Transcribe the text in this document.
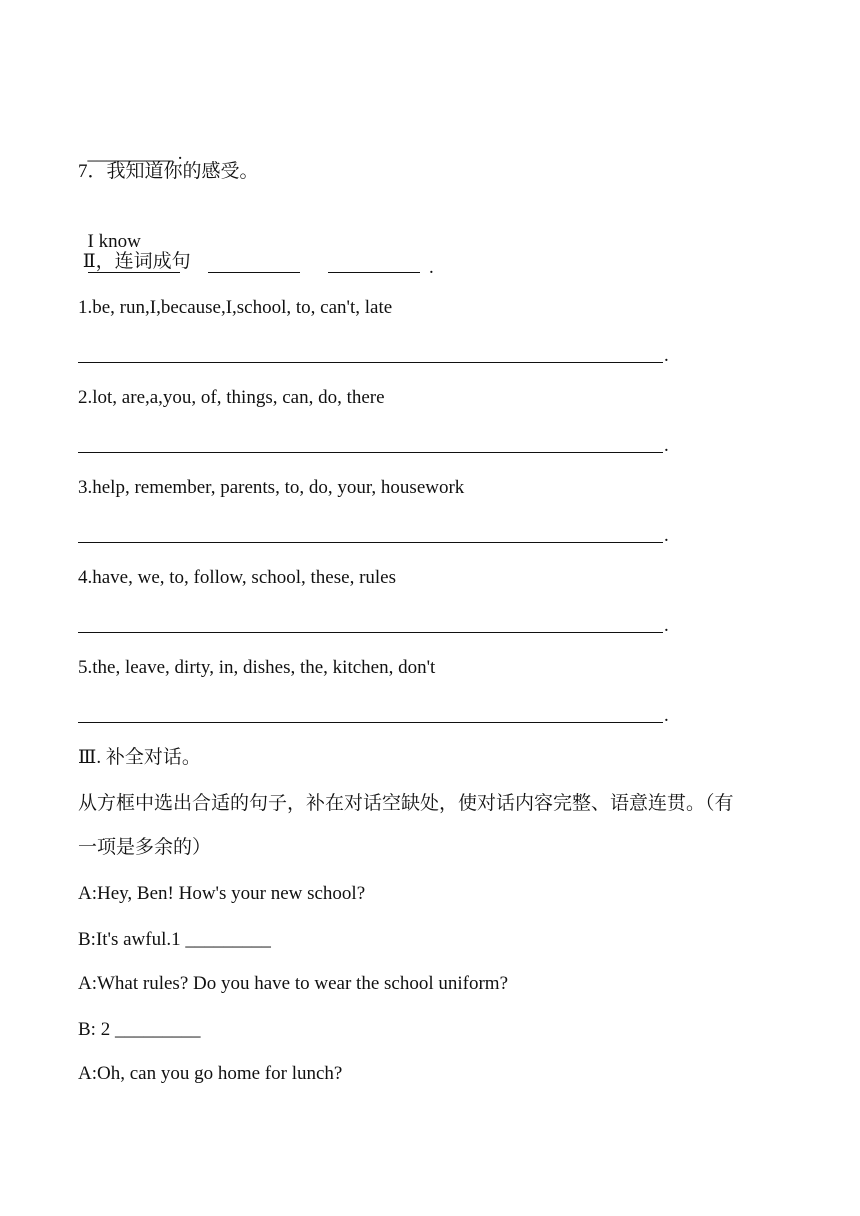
_________ .

7．我知道你的感受。

I know
.

Ⅱ，连词成句
1.be, run,I,because,I,school, to, can't, late
.
2.lot, are,a,you, of, things, can, do, there
.
3.help, remember, parents, to, do, your, housework
.
4.have, we, to, follow, school, these, rules
.
5.the, leave, dirty, in, dishes, the, kitchen, don't
.
Ⅲ. 补全对话。
从方框中选出合适的句子，补在对话空缺处，使对话内容完整、语意连贯。（有
一项是多余的）
A:Hey, Ben! How's your new school?
B:It's awful.1 _________
A:What rules? Do you have to wear the school uniform?
B: 2 _________
A:Oh, can you go home for lunch?
